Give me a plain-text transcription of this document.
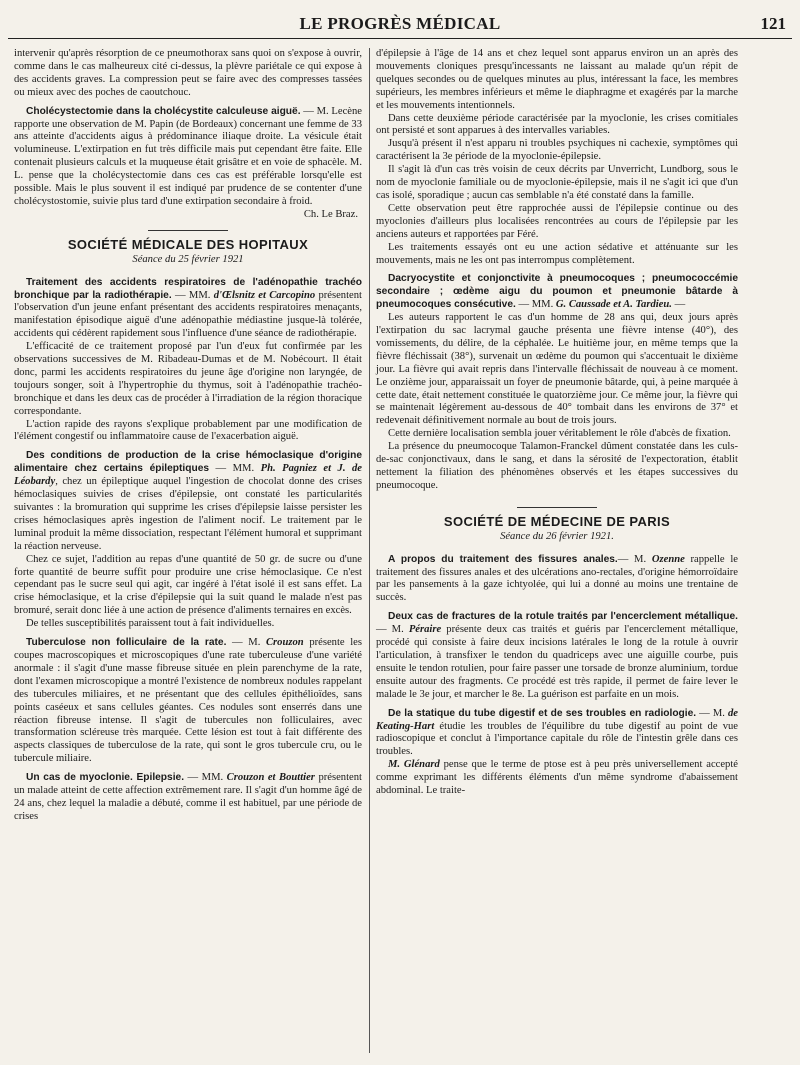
LE PROGRÈS MÉDICAL	121

intervenir qu'après résorption de ce pneumothorax sans quoi on s'expose à ouvrir, comme dans le cas malheureux cité ci-dessus, la plèvre pariétale ce qui expose à des accidents graves. La compression peut se faire avec des compresses tassées ou mieux avec des poches de caoutchouc.

Cholécystectomie dans la cholécystite calculeuse aiguë. — M. Lecène rapporte une observation de M. Papin (de Bordeaux) concernant une femme de 33 ans atteinte d'accidents aigus à prédominance iliaque droite. La vésicule était volumineuse. L'extirpation en fut très difficile mais put cependant être faite. Elle contenait plusieurs calculs et la muqueuse était grisâtre et en voie de sphacèle. M. L. pense que la cholécystectomie dans ces cas est préférable lorsqu'elle est possible. Mais le plus souvent il est indiqué par prudence de se contenter d'une cholécystostomie, suivie plus tard d'une extirpation secondaire à froid.

Ch. Le Braz.

SOCIÉTÉ MÉDICALE DES HOPITAUX
Séance du 25 février 1921

Traitement des accidents respiratoires de l'adénopathie trachéo bronchique par la radiothérapie. — MM. d'Œlsnitz et Carcopino présentent l'observation d'un jeune enfant présentant des accidents respiratoires menaçants, manifestation épisodique aiguë d'une adénopathie médiastine jusque-là tolérée, accidents qui cédèrent rapidement sous l'influence d'une séance de radiothérapie.

L'efficacité de ce traitement proposé par l'un d'eux fut confirmée par les observations successives de M. Ribadeau-Dumas et de M. Nobécourt. Il était donc, parmi les accidents respiratoires du jeune âge d'origine non laryngée, de toujours songer, soit à l'hypertrophie du thymus, soit à l'adénopathie trachéo-bronchique et dans les deux cas de procéder à l'irradiation de la région thoracique correspondante.

L'action rapide des rayons s'explique probablement par une modification de l'élément congestif ou inflammatoire cause de l'exacerbation aiguë.

Des conditions de production de la crise hémoclasique d'origine alimentaire chez certains épileptiques — MM. Ph. Pagniez et J. de Léobardy, chez un épileptique auquel l'ingestion de chocolat donne des crises hémoclasiques suivies de crises d'épilepsie, ont constaté les particularités suivantes : la bromuration qui supprime les crises d'épilepsie laisse persister les crises hémoclasiques après ingestion de l'aliment nocif. Le traitement par le luminal produit la même dissociation, respectant l'élément humoral et supprimant la réaction nerveuse.

Chez ce sujet, l'addition au repas d'une quantité de 50 gr. de sucre ou d'une forte quantité de beurre suffit pour produire une crise hémoclasique. Ce n'est cependant pas le sucre seul qui agit, car ingéré à l'état isolé il est sans effet. La crise hémoclasique, et la crise d'épilepsie qui la suit quand le malade n'est pas bromuré, serait donc liée à une action de présence d'aliments ternaires en excès.

De telles susceptibilités paraissent tout à fait individuelles.

Tuberculose non folliculaire de la rate. — M. Crouzon présente les coupes macroscopiques et microscopiques d'une rate tuberculeuse d'une variété anormale : il s'agit d'une masse fibreuse située en plein parenchyme de la rate, dont l'examen microscopique a montré l'existence de nombreux nodules rappelant des tubercules miliaires, et ne présentant que des cellules épithélioïdes, sans points caséeux et sans cellules géantes. Ces nodules sont enserrés dans une réaction fibreuse intense. Il s'agit de tubercules non folliculaires, avec transformation scléreuse très marquée. Cette lésion est tout à fait différente des aspects classiques de tuberculose de la rate, qui sont le gros tubercule cru, ou le tubercule miliaire.

Un cas de myoclonie. Epilepsie. — MM. Crouzon et Bouttier présentent un malade atteint de cette affection extrêmement rare. Il s'agit d'un homme âgé de 24 ans, chez lequel la maladie a débuté, comme il est habituel, par une période de crises

d'épilepsie à l'âge de 14 ans et chez lequel sont apparus environ un an après des mouvements cloniques presqu'incessants ne laissant au malade qu'un répit de quelques secondes ou de quelques minutes au plus, intéressant la face, les membres supérieurs, les membres inférieurs et même le diaphragme et exagérés par la marche et les mouvements intentionnels.

Dans cette deuxième période caractérisée par la myoclonie, les crises comitiales ont persisté et sont apparues à des intervalles variables.

Jusqu'à présent il n'est apparu ni troubles psychiques ni cachexie, symptômes qui caractérisent la 3e période de la myoclonie-épilepsie.

Il s'agit là d'un cas très voisin de ceux décrits par Unverricht, Lundborg, sous le nom de myoclonie familiale ou de myoclonie-épilepsie, mais il ne s'agit ici que d'un cas isolé, sporadique ; aucun cas semblable n'a été constaté dans la famille.

Cette observation peut être rapprochée aussi de l'épilepsie continue ou des myoclonies d'ailleurs plus localisées rencontrées au cours de l'épilepsie par les anciens auteurs et rapportées par Féré.

Les traitements essayés ont eu une action sédative et atténuante sur les mouvements, mais ne les ont pas interrompus complètement.

Dacryocystite et conjonctivite à pneumocoques ; pneumococcémie secondaire ; œdème aigu du poumon et pneumonie bâtarde à pneumocoques consécutive. — MM. G. Caussade et A. Tardieu. —

Les auteurs rapportent le cas d'un homme de 28 ans qui, deux jours après l'extirpation du sac lacrymal gauche présenta une fièvre intense (40°), des vomissements, du délire, de la céphalée. Le huitième jour, en même temps que la fièvre fléchissait (38°), survenait un œdème du poumon qui s'accentuait le dixième jour. La fièvre qui avait repris dans l'intervalle fléchissait de nouveau à ce moment. Le onzième jour, apparaissait un foyer de pneumonie bâtarde, qui, à peine marquée à cette date, était nettement constituée le quatorzième jour. Ce même jour, la fièvre qui se maintenait légèrement au-dessous de 40° tombait dans les environs de 37° et redevenait définitivement normale au bout de trois jours.

Cette dernière localisation sembla jouer véritablement le rôle d'abcès de fixation.

La présence du pneumocoque Talamon-Franckel dûment constatée dans les culs-de-sac conjonctivaux, dans le sang, et dans la sérosité de l'expectoration, établit nettement la filiation des phénomènes observés et les étapes successives du pneumocoque.

SOCIÉTÉ DE MÉDECINE DE PARIS
Séance du 26 février 1921.

A propos du traitement des fissures anales.— M. Ozenne rappelle le traitement des fissures anales et des ulcérations ano-rectales, d'origine hémorroïdaire par les pansements à la gaze ichtyolée, qui lui a donné au moins une trentaine de succès.

Deux cas de fractures de la rotule traités par l'encerclement métallique. — M. Péraire présente deux cas traités et guéris par l'encerclement métallique, procédé qui consiste à faire deux incisions latérales le long de la rotule à ouvrir l'articulation, à transfixer le tendon du quadriceps avec une aiguille courbe, puis ensuite le tendon rotulien, pour faire passer une torsade de bronze aluminium, tordue ensuite autour des fragments. Ce procédé est très rapide, il permet de faire lever le malade le 3e jour, et marcher le 8e. La guérison est parfaite en un mois.

De la statique du tube digestif et de ses troubles en radiologie. — M. de Keating-Hart étudie les troubles de l'équilibre du tube digestif au point de vue radioscopique et conclut à l'importance capitale du rôle de l'intestin grêle dans ces troubles.

M. Glénard pense que le terme de ptose est à peu près universellement accepté comme exprimant les différents éléments d'un même syndrome d'abaissement abdominal. Le traite-
